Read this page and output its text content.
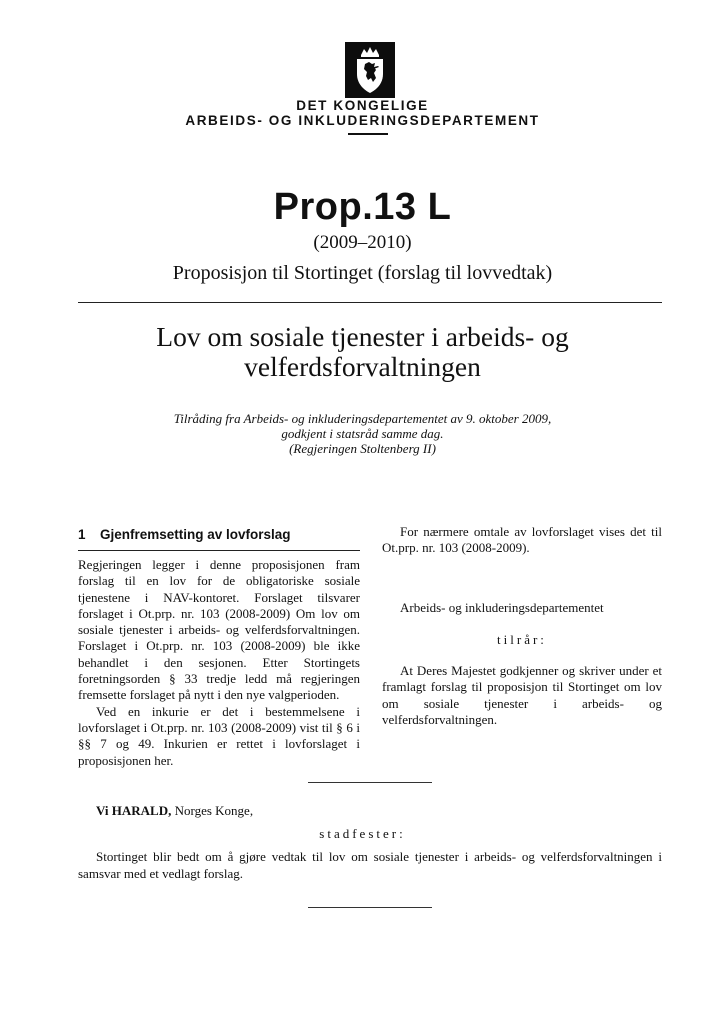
DET KONGELIGE
ARBEIDS- OG INKLUDERINGSDEPARTEMENT
Prop.13 L
(2009–2010)
Proposisjon til Stortinget (forslag til lovvedtak)
Lov om sosiale tjenester i arbeids- og
velferdsforvaltningen
Tilråding fra Arbeids- og inkluderingsdepartementet av 9. oktober 2009,
godkjent i statsråd samme dag.
(Regjeringen Stoltenberg II)
1 Gjenfremsetting av lovforslag

Regjeringen legger i denne proposisjonen fram forslag til en lov for de obligatoriske sosiale tjenestene i NAV-kontoret. Forslaget tilsvarer forslaget i Ot.prp. nr. 103 (2008-2009) Om lov om sosiale tjenester i arbeids- og velferdsforvaltningen. Forslaget i Ot.prp. nr. 103 (2008-2009) ble ikke behandlet i den sesjonen. Etter Stortingets foretningsorden § 33 tredje ledd må regjeringen fremsette forslaget på nytt i den nye valgperioden.

Ved en inkurie er det i bestemmelsene i lovforslaget i Ot.prp. nr. 103 (2008-2009) vist til § 6 i §§ 7 og 49. Inkurien er rettet i lovforslaget i proposisjonen her.

For nærmere omtale av lovforslaget vises det til Ot.prp. nr. 103 (2008-2009).
Arbeids- og inkluderingsdepartementet
tilrår:
At Deres Majestet godkjenner og skriver under et framlagt forslag til proposisjon til Stortinget om lov om sosiale tjenester i arbeids- og velferdsforvaltningen.
Vi HARALD, Norges Konge,
stadfester:
Stortinget blir bedt om å gjøre vedtak til lov om sosiale tjenester i arbeids- og velferdsforvaltningen i samsvar med et vedlagt forslag.
